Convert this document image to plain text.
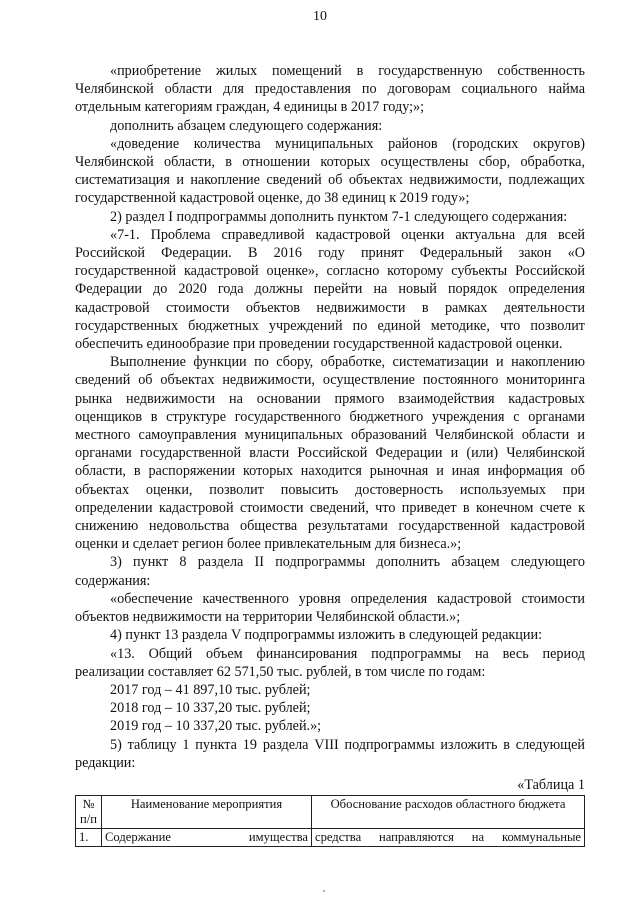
10

«приобретение жилых помещений в государственную собственность Челябинской области для предоставления по договорам социального найма отдельным категориям граждан, 4 единицы в 2017 году;»;

дополнить абзацем следующего содержания:

«доведение количества муниципальных районов (городских округов) Челябинской области, в отношении которых осуществлены сбор, обработка, систематизация и накопление сведений об объектах недвижимости, подлежащих государственной кадастровой оценке, до 38 единиц к 2019 году»;

2) раздел I подпрограммы дополнить пунктом 7-1 следующего содержания:

«7-1. Проблема справедливой кадастровой оценки актуальна для всей Российской Федерации. В 2016 году принят Федеральный закон «О государственной кадастровой оценке», согласно которому субъекты Российской Федерации до 2020 года должны перейти на новый порядок определения кадастровой стоимости объектов недвижимости в рамках деятельности государственных бюджетных учреждений по единой методике, что позволит обеспечить единообразие при проведении государственной кадастровой оценки.

Выполнение функции по сбору, обработке, систематизации и накоплению сведений об объектах недвижимости, осуществление постоянного мониторинга рынка недвижимости на основании прямого взаимодействия кадастровых оценщиков в структуре государственного бюджетного учреждения с органами местного самоуправления муниципальных образований Челябинской области и органами государственной власти Российской Федерации и (или) Челябинской области, в распоряжении которых находится рыночная и иная информация об объектах оценки, позволит повысить достоверность используемых при определении кадастровой стоимости сведений, что приведет в конечном счете к снижению недовольства общества результатами государственной кадастровой оценки и сделает регион более привлекательным для бизнеса.»;

3) пункт 8 раздела II подпрограммы дополнить абзацем следующего содержания:

«обеспечение качественного уровня определения кадастровой стоимости объектов недвижимости на территории Челябинской области.»;

4) пункт 13 раздела V подпрограммы изложить в следующей редакции:

«13. Общий объем финансирования подпрограммы на весь период реализации составляет 62 571,50 тыс. рублей, в том числе по годам:

2017 год – 41 897,10 тыс. рублей;

2018 год – 10 337,20 тыс. рублей;

2019 год – 10 337,20 тыс. рублей.»;

5) таблицу 1 пункта 19 раздела VIII подпрограммы изложить в следующей редакции:

«Таблица 1

№ п/п	Наименование мероприятия	Обоснование расходов областного бюджета
1.	Содержание имущества	средства направляются на коммунальные
